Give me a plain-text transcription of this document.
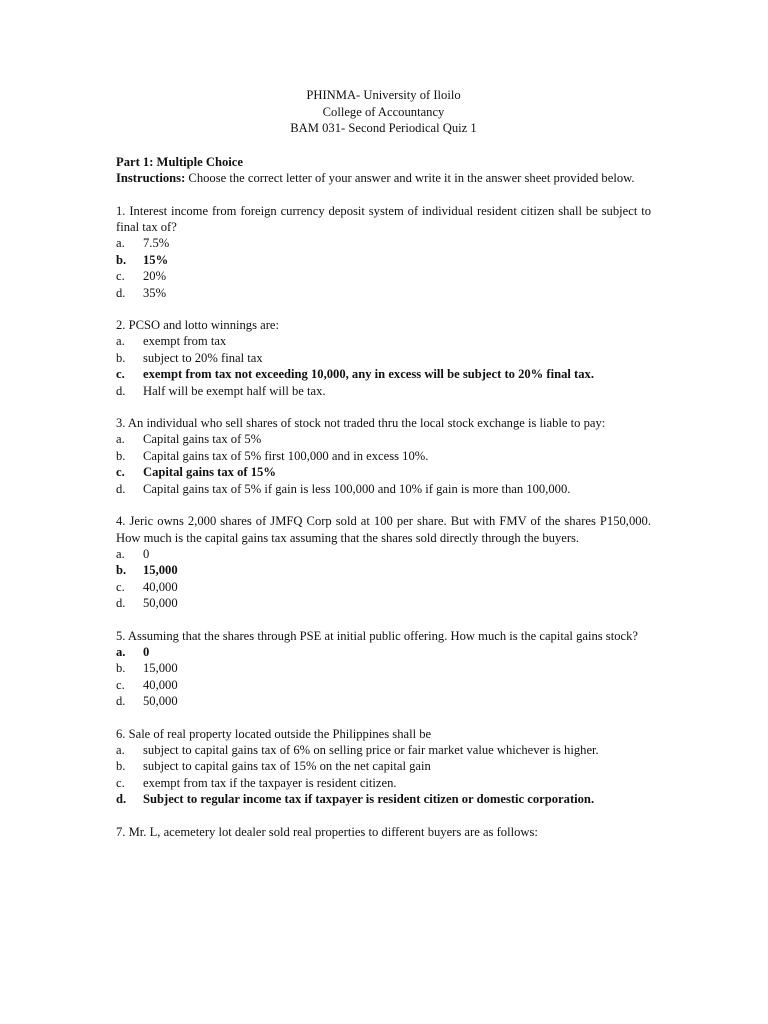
PHINMA- University of Iloilo
College of Accountancy
BAM 031- Second Periodical Quiz 1
Part 1: Multiple Choice
Instructions: Choose the correct letter of your answer and write it in the answer sheet provided below.
1. Interest income from foreign currency deposit system of individual resident citizen shall be subject to final tax of?
a.	7.5%
b.	15%
c.	20%
d.	35%
2. PCSO and lotto winnings are:
a.	exempt from tax
b.	subject to 20% final tax
c.	exempt from tax not exceeding 10,000, any in excess will be subject to 20% final tax.
d.	Half will be exempt half will be tax.
3. An individual who sell shares of stock not traded thru the local stock exchange is liable to pay:
a.	Capital gains tax of 5%
b.	Capital gains tax of 5% first 100,000 and in excess 10%.
c.	Capital gains tax of 15%
d.	Capital gains tax of 5% if gain is less 100,000 and 10% if gain is more than 100,000.
4. Jeric owns 2,000 shares of JMFQ Corp sold at 100 per share. But with FMV of the shares P150,000. How much is the capital gains tax assuming that the shares sold directly through the buyers.
a.	0
b.	15,000
c.	40,000
d.	50,000
5. Assuming that the shares through PSE at initial public offering. How much is the capital gains stock?
a.	0
b.	15,000
c.	40,000
d.	50,000
6. Sale of real property located outside the Philippines shall be
a.	subject to capital gains tax of 6% on selling price or fair market value whichever is higher.
b.	subject to capital gains tax of 15% on the net capital gain
c.	exempt from tax if the taxpayer is resident citizen.
d.	Subject to regular income tax if taxpayer is resident citizen or domestic corporation.
7. Mr. L, acemetery lot dealer sold real properties to different buyers are as follows:
